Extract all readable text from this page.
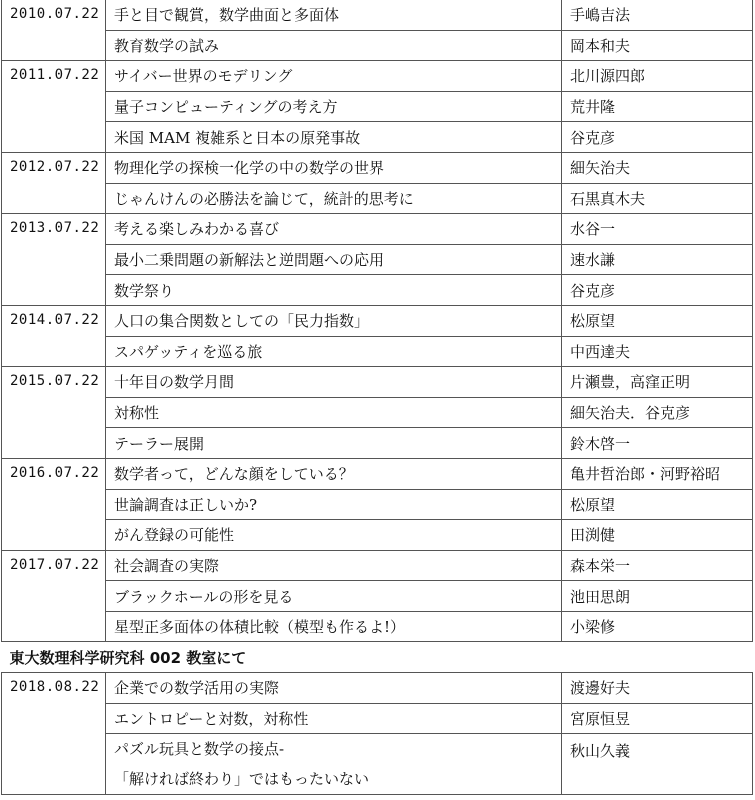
2010.07.22	手と目で観賞，数学曲面と多面体	手嶋吉法
	教育数学の試み	岡本和夫
2011.07.22	サイバー世界のモデリング	北川源四郎
	量子コンピューティングの考え方	荒井隆
	米国 MAM 複雑系と日本の原発事故	谷克彦
2012.07.22	物理化学の探検一化学の中の数学の世界	細矢治夫
	じゃんけんの必勝法を論じて，統計的思考に	石黒真木夫
2013.07.22	考える楽しみわかる喜び	水谷一
	最小二乗問題の新解法と逆問題への応用	速水謙
	数学祭り	谷克彦
2014.07.22	人口の集合関数としての「民力指数」	松原望
	スパゲッティを巡る旅	中西達夫
2015.07.22	十年目の数学月間	片瀬豊，高窪正明
	対称性	細矢治夫．谷克彦
	テーラー展開	鈴木啓一
2016.07.22	数学者って，どんな顔をしている？	亀井哲治郎・河野裕昭
	世論調査は正しいか?	松原望
	がん登録の可能性	田渕健
2017.07.22	社会調査の実際	森本栄一
	ブラックホールの形を見る	池田思朗
	星型正多面体の体積比較（模型も作るよ!）	小梁修
東大数理科学研究科 002 教室にて		
2018.08.22	企業での数学活用の実際	渡邊好夫
	エントロピーと対数，対称性	宮原恒昱

	パズル玩具と数学の接点-
「解ければ終わり」ではもったいない	秋山久義
